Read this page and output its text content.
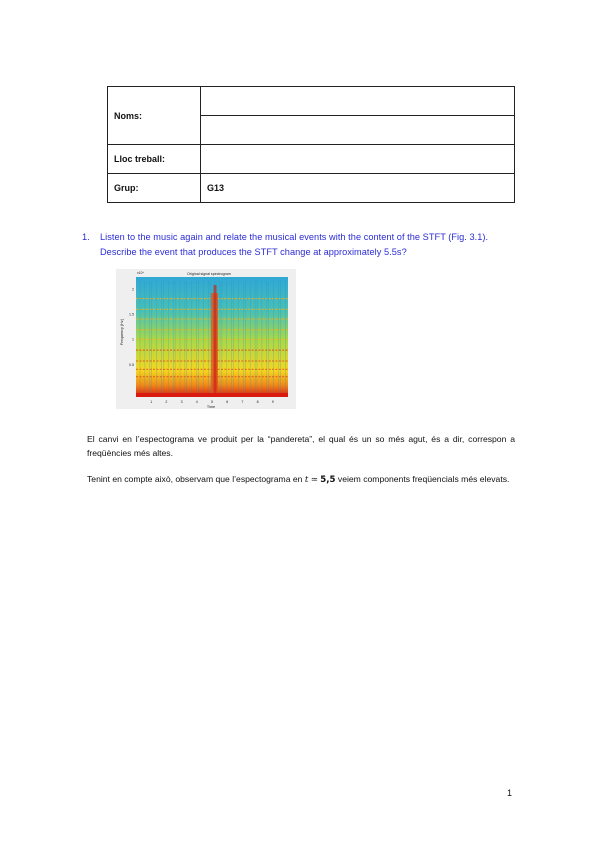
Noms:	

Lloc treball:	
Grup:	G13
1. Listen to the music again and relate the musical events with the content of the STFT (Fig. 3.1). Describe the event that produces the STFT change at approximately 5.5s?
Original signal spectrogram
x10⁴
Frequency (Hz)
Time
2
1.5
1
0.5
1	2	3	4	5	6	7	8	9
El canvi en l’espectograma ve produit per la “pandereta”, el qual és un so més agut, és a dir, correspon a freqüències més altes.
Tenint en compte això, observam que l’espectograma en t ≃ 5,5 veiem components freqüencials més elevats.
1
